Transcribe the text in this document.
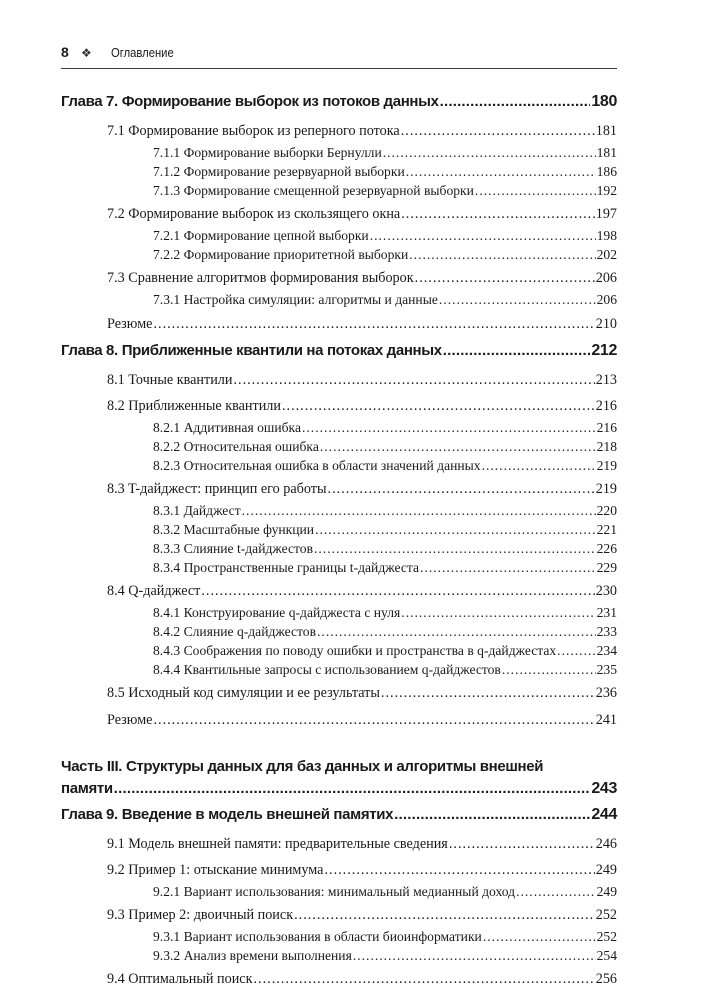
8	❖	Оглавление
Глава 7. Формирование выборок из потоков данных .....	180
7.1 Формирование выборок из реперного потока .....	181
7.1.1 Формирование выборки Бернулли .....	181
7.1.2 Формирование резервуарной выборки .....	186
7.1.3 Формирование смещенной резервуарной выборки .....	192
7.2 Формирование выборок из скользящего окна .....	197
7.2.1 Формирование цепной выборки .....	198
7.2.2 Формирование приоритетной выборки .....	202
7.3 Сравнение алгоритмов формирования выборок .....	206
7.3.1 Настройка симуляции: алгоритмы и данные .....	206
Резюме .....	210
Глава 8. Приближенные квантили на потоках данных .....	212
8.1 Точные квантили .....	213
8.2 Приближенные квантили .....	216
8.2.1 Аддитивная ошибка .....	216
8.2.2 Относительная ошибка .....	218
8.2.3 Относительная ошибка в области значений данных .....	219
8.3 T-дайджест: принцип его работы .....	219
8.3.1 Дайджест .....	220
8.3.2 Масштабные функции .....	221
8.3.3 Слияние t-дайджестов .....	226
8.3.4 Пространственные границы t-дайджеста .....	229
8.4 Q-дайджест .....	230
8.4.1 Конструирование q-дайджеста с нуля .....	231
8.4.2 Слияние q-дайджестов .....	233
8.4.3 Соображения по поводу ошибки и пространства в q-дайджестах .....	234
8.4.4 Квантильные запросы с использованием q-дайджестов .....	235
8.5 Исходный код симуляции и ее результаты .....	236
Резюме .....	241
Часть III. Структуры данных для баз данных и алгоритмы внешней
памяти .....	243
Глава 9. Введение в модель внешней памятих .....	244
9.1 Модель внешней памяти: предварительные сведения .....	246
9.2 Пример 1: отыскание минимума .....	249
9.2.1 Вариант использования: минимальный медианный доход .....	249
9.3 Пример 2: двоичный поиск .....	252
9.3.1 Вариант использования в области биоинформатики .....	252
9.3.2 Анализ времени выполнения .....	254
9.4 Оптимальный поиск .....	256
